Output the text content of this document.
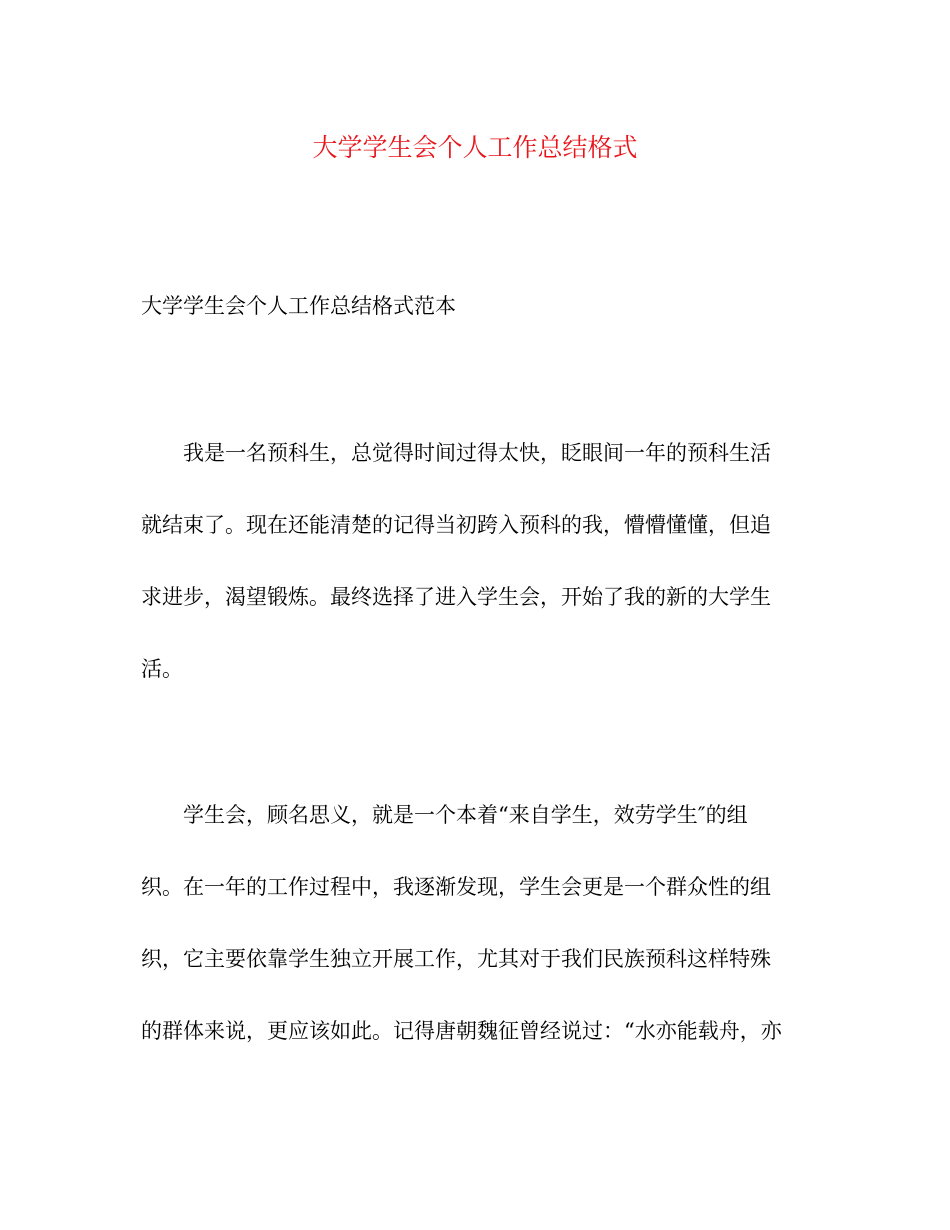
大学学生会个人工作总结格式
大学学生会个人工作总结格式范本
我是一名预科生，总觉得时间过得太快，眨眼间一年的预科生活
就结束了。现在还能清楚的记得当初跨入预科的我，懵懵懂懂，但追
求进步，渴望锻炼。最终选择了进入学生会，开始了我的新的大学生
活。
学生会，顾名思义，就是一个本着“来自学生，效劳学生″的组
织。在一年的工作过程中，我逐渐发现，学生会更是一个群众性的组
织，它主要依靠学生独立开展工作，尤其对于我们民族预科这样特殊
的群体来说，更应该如此。记得唐朝魏征曾经说过：“水亦能载舟，亦
